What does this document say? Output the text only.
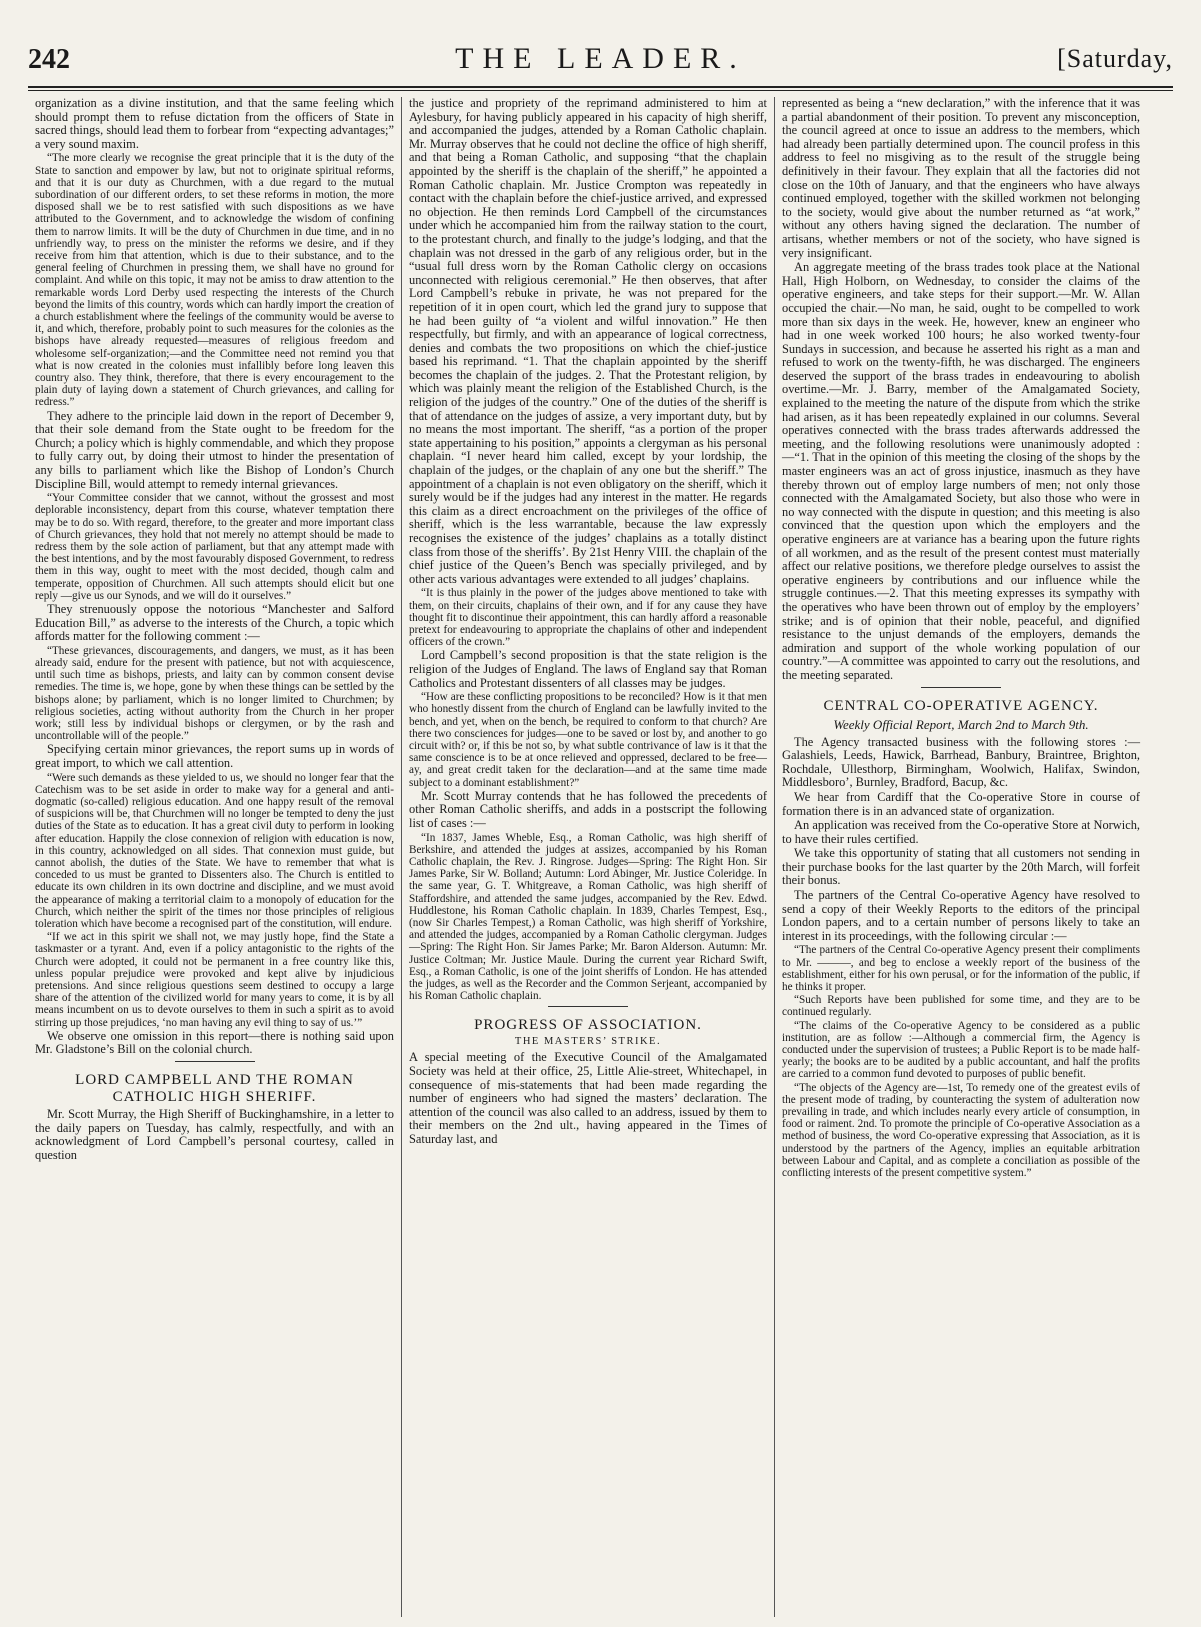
242	THE LEADER.	[Saturday,

organization as a divine institution, and that the same feeling which should prompt them to refuse dictation from the officers of State in sacred things, should lead them to forbear from “expecting advantages;” a very sound maxim.

“The more clearly we recognise the great principle that it is the duty of the State to sanction and empower by law, but not to originate spiritual reforms, and that it is our duty as Churchmen, with a due regard to the mutual subordination of our different orders, to set these reforms in motion, the more disposed shall we be to rest satisfied with such dispositions as we have attributed to the Government, and to acknowledge the wisdom of confining them to narrow limits. It will be the duty of Churchmen in due time, and in no unfriendly way, to press on the minister the reforms we desire, and if they receive from him that attention, which is due to their substance, and to the general feeling of Churchmen in pressing them, we shall have no ground for complaint. And while on this topic, it may not be amiss to draw attention to the remarkable words Lord Derby used respecting the interests of the Church beyond the limits of this country, words which can hardly import the creation of a church establishment where the feelings of the community would be averse to it, and which, therefore, probably point to such measures for the colonies as the bishops have already requested—measures of religious freedom and wholesome self-organization;—and the Committee need not remind you that what is now created in the colonies must infallibly before long leaven this country also. They think, therefore, that there is every encouragement to the plain duty of laying down a statement of Church grievances, and calling for redress.”

They adhere to the principle laid down in the report of December 9, that their sole demand from the State ought to be freedom for the Church; a policy which is highly commendable, and which they propose to fully carry out, by doing their utmost to hinder the presentation of any bills to parliament which like the Bishop of London’s Church Discipline Bill, would attempt to remedy internal grievances.

“Your Committee consider that we cannot, without the grossest and most deplorable inconsistency, depart from this course, whatever temptation there may be to do so. With regard, therefore, to the greater and more important class of Church grievances, they hold that not merely no attempt should be made to redress them by the sole action of parliament, but that any attempt made with the best intentions, and by the most favourably disposed Government, to redress them in this way, ought to meet with the most decided, though calm and temperate, opposition of Churchmen. All such attempts should elicit but one reply —give us our Synods, and we will do it ourselves.”

They strenuously oppose the notorious “Manchester and Salford Education Bill,” as adverse to the interests of the Church, a topic which affords matter for the following comment :—

“These grievances, discouragements, and dangers, we must, as it has been already said, endure for the present with patience, but not with acquiescence, until such time as bishops, priests, and laity can by common consent devise remedies. The time is, we hope, gone by when these things can be settled by the bishops alone; by parliament, which is no longer limited to Churchmen; by religious societies, acting without authority from the Church in her proper work; still less by individual bishops or clergymen, or by the rash and uncontrollable will of the people.”

Specifying certain minor grievances, the report sums up in words of great import, to which we call attention.

“Were such demands as these yielded to us, we should no longer fear that the Catechism was to be set aside in order to make way for a general and anti-dogmatic (so-called) religious education. And one happy result of the removal of suspicions will be, that Churchmen will no longer be tempted to deny the just duties of the State as to education. It has a great civil duty to perform in looking after education. Happily the close connexion of religion with education is now, in this country, acknowledged on all sides. That connexion must guide, but cannot abolish, the duties of the State. We have to remember that what is conceded to us must be granted to Dissenters also. The Church is entitled to educate its own children in its own doctrine and discipline, and we must avoid the appearance of making a territorial claim to a monopoly of education for the Church, which neither the spirit of the times nor those principles of religious toleration which have become a recognised part of the constitution, will endure.

“If we act in this spirit we shall not, we may justly hope, find the State a taskmaster or a tyrant. And, even if a policy antagonistic to the rights of the Church were adopted, it could not be permanent in a free country like this, unless popular prejudice were provoked and kept alive by injudicious pretensions. And since religious questions seem destined to occupy a large share of the attention of the civilized world for many years to come, it is by all means incumbent on us to devote ourselves to them in such a spirit as to avoid stirring up those prejudices, ‘no man having any evil thing to say of us.’”

We observe one omission in this report—there is nothing said upon Mr. Gladstone’s Bill on the colonial church.

LORD CAMPBELL AND THE ROMAN CATHOLIC HIGH SHERIFF.

Mr. Scott Murray, the High Sheriff of Buckinghamshire, in a letter to the daily papers on Tuesday, has calmly, respectfully, and with an acknowledgment of Lord Campbell’s personal courtesy, called in question

the justice and propriety of the reprimand administered to him at Aylesbury, for having publicly appeared in his capacity of high sheriff, and accompanied the judges, attended by a Roman Catholic chaplain. Mr. Murray observes that he could not decline the office of high sheriff, and that being a Roman Catholic, and supposing “that the chaplain appointed by the sheriff is the chaplain of the sheriff,” he appointed a Roman Catholic chaplain. Mr. Justice Crompton was repeatedly in contact with the chaplain before the chief-justice arrived, and expressed no objection. He then reminds Lord Campbell of the circumstances under which he accompanied him from the railway station to the court, to the protestant church, and finally to the judge’s lodging, and that the chaplain was not dressed in the garb of any religious order, but in the “usual full dress worn by the Roman Catholic clergy on occasions unconnected with religious ceremonial.” He then observes, that after Lord Campbell’s rebuke in private, he was not prepared for the repetition of it in open court, which led the grand jury to suppose that he had been guilty of “a violent and wilful innovation.” He then respectfully, but firmly, and with an appearance of logical correctness, denies and combats the two propositions on which the chief-justice based his reprimand. “1. That the chaplain appointed by the sheriff becomes the chaplain of the judges. 2. That the Protestant religion, by which was plainly meant the religion of the Established Church, is the religion of the judges of the country.” One of the duties of the sheriff is that of attendance on the judges of assize, a very important duty, but by no means the most important. The sheriff, “as a portion of the proper state appertaining to his position,” appoints a clergyman as his personal chaplain. “I never heard him called, except by your lordship, the chaplain of the judges, or the chaplain of any one but the sheriff.” The appointment of a chaplain is not even obligatory on the sheriff, which it surely would be if the judges had any interest in the matter. He regards this claim as a direct encroachment on the privileges of the office of sheriff, which is the less warrantable, because the law expressly recognises the existence of the judges’ chaplains as a totally distinct class from those of the sheriffs’. By 21st Henry VIII. the chaplain of the chief justice of the Queen’s Bench was specially privileged, and by other acts various advantages were extended to all judges’ chaplains.

“It is thus plainly in the power of the judges above mentioned to take with them, on their circuits, chaplains of their own, and if for any cause they have thought fit to discontinue their appointment, this can hardly afford a reasonable pretext for endeavouring to appropriate the chaplains of other and independent officers of the crown.”

Lord Campbell’s second proposition is that the state religion is the religion of the Judges of England. The laws of England say that Roman Catholics and Protestant dissenters of all classes may be judges.

“How are these conflicting propositions to be reconciled? How is it that men who honestly dissent from the church of England can be lawfully invited to the bench, and yet, when on the bench, be required to conform to that church? Are there two consciences for judges—one to be saved or lost by, and another to go circuit with? or, if this be not so, by what subtle contrivance of law is it that the same conscience is to be at once relieved and oppressed, declared to be free—ay, and great credit taken for the declaration—and at the same time made subject to a dominant establishment?”

Mr. Scott Murray contends that he has followed the precedents of other Roman Catholic sheriffs, and adds in a postscript the following list of cases :—

“In 1837, James Wheble, Esq., a Roman Catholic, was high sheriff of Berkshire, and attended the judges at assizes, accompanied by his Roman Catholic chaplain, the Rev. J. Ringrose. Judges—Spring: The Right Hon. Sir James Parke, Sir W. Bolland; Autumn: Lord Abinger, Mr. Justice Coleridge. In the same year, G. T. Whitgreave, a Roman Catholic, was high sheriff of Staffordshire, and attended the same judges, accompanied by the Rev. Edwd. Huddlestone, his Roman Catholic chaplain. In 1839, Charles Tempest, Esq., (now Sir Charles Tempest,) a Roman Catholic, was high sheriff of Yorkshire, and attended the judges, accompanied by a Roman Catholic clergyman. Judges—Spring: The Right Hon. Sir James Parke; Mr. Baron Alderson. Autumn: Mr. Justice Coltman; Mr. Justice Maule. During the current year Richard Swift, Esq., a Roman Catholic, is one of the joint sheriffs of London. He has attended the judges, as well as the Recorder and the Common Serjeant, accompanied by his Roman Catholic chaplain.

PROGRESS OF ASSOCIATION.
THE MASTERS’ STRIKE.

A special meeting of the Executive Council of the Amalgamated Society was held at their office, 25, Little Alie-street, Whitechapel, in consequence of mis-statements that had been made regarding the number of engineers who had signed the masters’ declaration. The attention of the council was also called to an address, issued by them to their members on the 2nd ult., having appeared in the Times of Saturday last, and

represented as being a “new declaration,” with the inference that it was a partial abandonment of their position. To prevent any misconception, the council agreed at once to issue an address to the members, which had already been partially determined upon. The council profess in this address to feel no misgiving as to the result of the struggle being definitively in their favour. They explain that all the factories did not close on the 10th of January, and that the engineers who have always continued employed, together with the skilled workmen not belonging to the society, would give about the number returned as “at work,” without any others having signed the declaration. The number of artisans, whether members or not of the society, who have signed is very insignificant.

An aggregate meeting of the brass trades took place at the National Hall, High Holborn, on Wednesday, to consider the claims of the operative engineers, and take steps for their support.—Mr. W. Allan occupied the chair.—No man, he said, ought to be compelled to work more than six days in the week. He, however, knew an engineer who had in one week worked 100 hours; he also worked twenty-four Sundays in succession, and because he asserted his right as a man and refused to work on the twenty-fifth, he was discharged. The engineers deserved the support of the brass trades in endeavouring to abolish overtime.—Mr. J. Barry, member of the Amalgamated Society, explained to the meeting the nature of the dispute from which the strike had arisen, as it has been repeatedly explained in our columns. Several operatives connected with the brass trades afterwards addressed the meeting, and the following resolutions were unanimously adopted :—“1. That in the opinion of this meeting the closing of the shops by the master engineers was an act of gross injustice, inasmuch as they have thereby thrown out of employ large numbers of men; not only those connected with the Amalgamated Society, but also those who were in no way connected with the dispute in question; and this meeting is also convinced that the question upon which the employers and the operative engineers are at variance has a bearing upon the future rights of all workmen, and as the result of the present contest must materially affect our relative positions, we therefore pledge ourselves to assist the operative engineers by contributions and our influence while the struggle continues.—2. That this meeting expresses its sympathy with the operatives who have been thrown out of employ by the employers’ strike; and is of opinion that their noble, peaceful, and dignified resistance to the unjust demands of the employers, demands the admiration and support of the whole working population of our country.”—A committee was appointed to carry out the resolutions, and the meeting separated.

CENTRAL CO-OPERATIVE AGENCY.
Weekly Official Report, March 2nd to March 9th.

The Agency transacted business with the following stores :—Galashiels, Leeds, Hawick, Barrhead, Banbury, Braintree, Brighton, Rochdale, Ullesthorp, Birmingham, Woolwich, Halifax, Swindon, Middlesboro’, Burnley, Bradford, Bacup, &c.

We hear from Cardiff that the Co-operative Store in course of formation there is in an advanced state of organization.

An application was received from the Co-operative Store at Norwich, to have their rules certified.

We take this opportunity of stating that all customers not sending in their purchase books for the last quarter by the 20th March, will forfeit their bonus.

The partners of the Central Co-operative Agency have resolved to send a copy of their Weekly Reports to the editors of the principal London papers, and to a certain number of persons likely to take an interest in its proceedings, with the following circular :—

“The partners of the Central Co-operative Agency present their compliments to Mr. ———, and beg to enclose a weekly report of the business of the establishment, either for his own perusal, or for the information of the public, if he thinks it proper.

“Such Reports have been published for some time, and they are to be continued regularly.

“The claims of the Co-operative Agency to be considered as a public institution, are as follow :—Although a commercial firm, the Agency is conducted under the supervision of trustees; a Public Report is to be made half-yearly; the books are to be audited by a public accountant, and half the profits are carried to a common fund devoted to purposes of public benefit.

“The objects of the Agency are—1st, To remedy one of the greatest evils of the present mode of trading, by counteracting the system of adulteration now prevailing in trade, and which includes nearly every article of consumption, in food or raiment. 2nd. To promote the principle of Co-operative Association as a method of business, the word Co-operative expressing that Association, as it is understood by the partners of the Agency, implies an equitable arbitration between Labour and Capital, and as complete a conciliation as possible of the conflicting interests of the present competitive system.”
